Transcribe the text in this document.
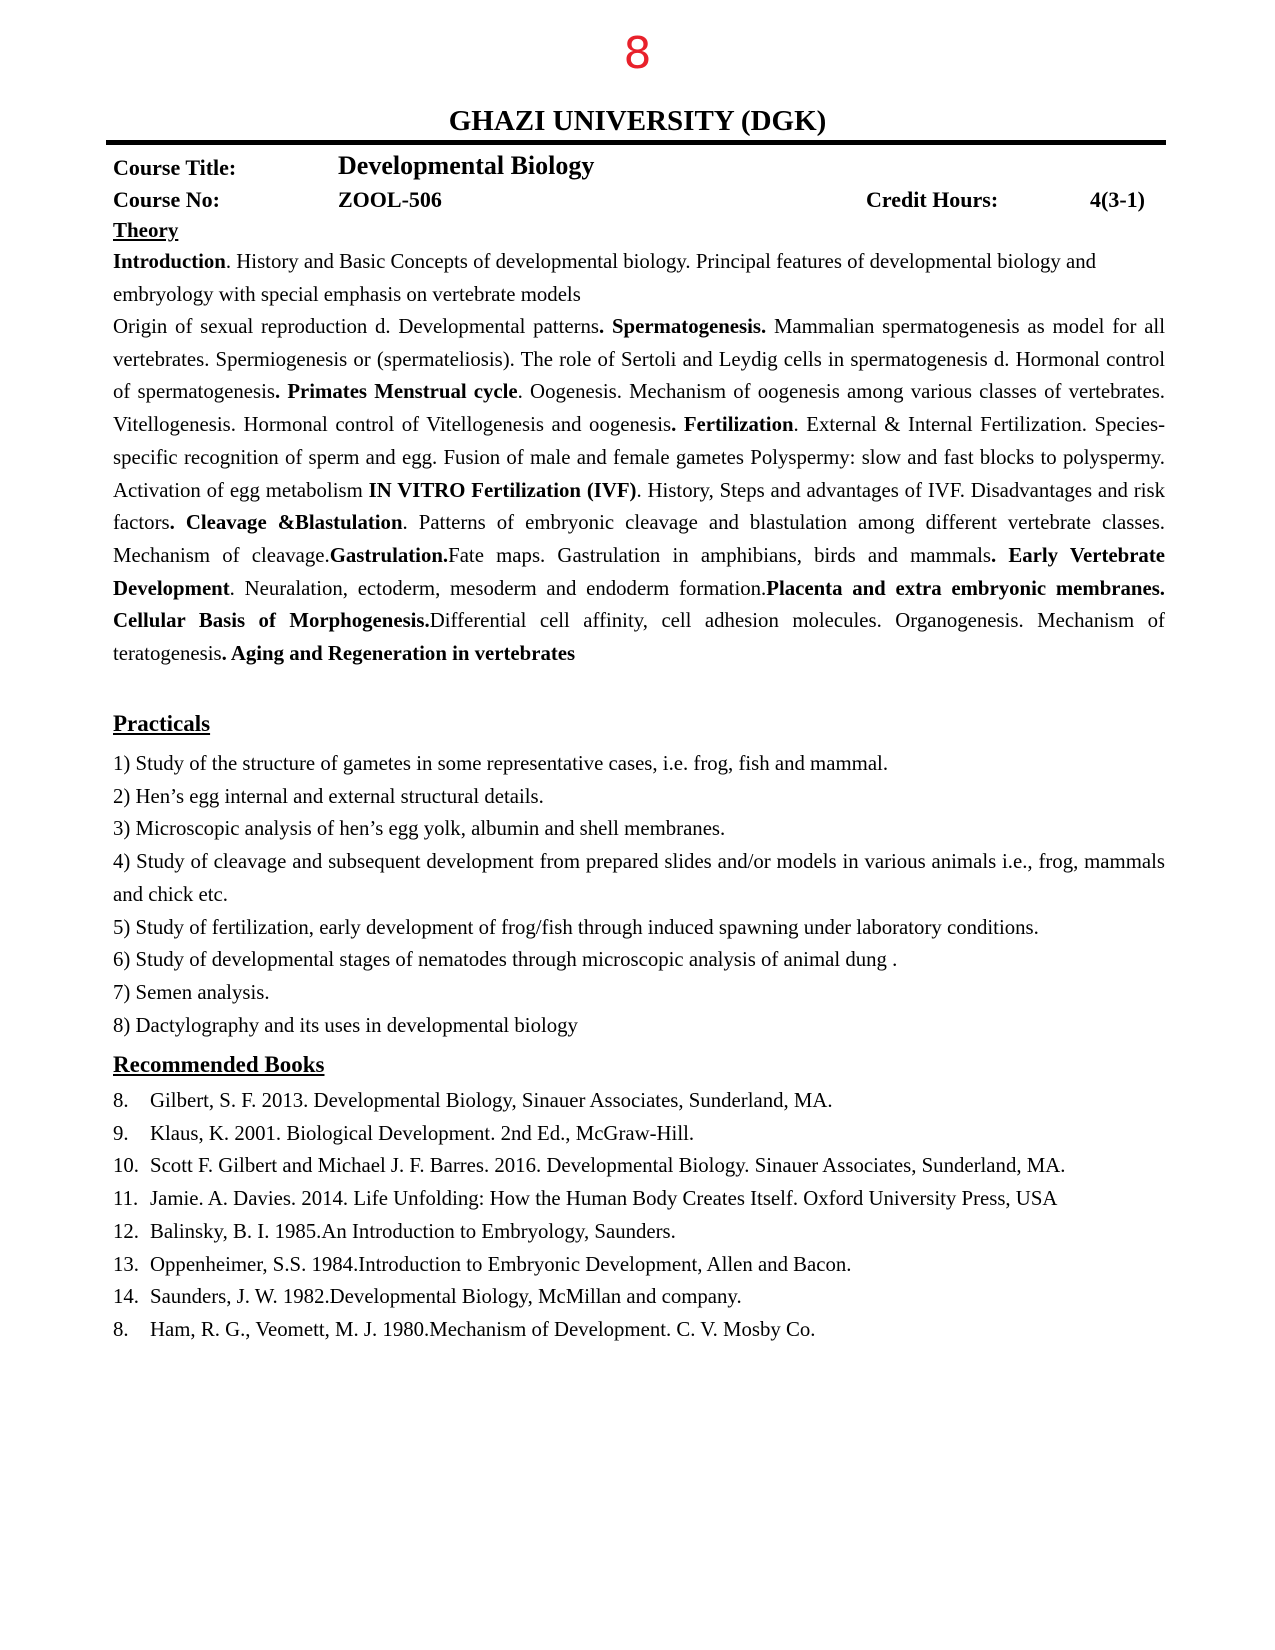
8
GHAZI UNIVERSITY (DGK)
Course Title:	Developmental Biology
Course No:	ZOOL-506	Credit Hours:	4(3-1)
Theory
Introduction. History and Basic Concepts of developmental biology. Principal features of developmental biology and embryology with special emphasis on vertebrate models
Origin of sexual reproduction d. Developmental patterns. Spermatogenesis. Mammalian spermatogenesis as model for all vertebrates. Spermiogenesis or (spermateliosis). The role of Sertoli and Leydig cells in spermatogenesis d. Hormonal control of spermatogenesis. Primates Menstrual cycle. Oogenesis. Mechanism of oogenesis among various classes of vertebrates. Vitellogenesis. Hormonal control of Vitellogenesis and oogenesis. Fertilization. External & Internal Fertilization. Species-specific recognition of sperm and egg. Fusion of male and female gametes Polyspermy: slow and fast blocks to polyspermy. Activation of egg metabolism IN VITRO Fertilization (IVF). History, Steps and advantages of IVF. Disadvantages and risk factors. Cleavage &Blastulation. Patterns of embryonic cleavage and blastulation among different vertebrate classes. Mechanism of cleavage.Gastrulation.Fate maps. Gastrulation in amphibians, birds and mammals. Early Vertebrate Development. Neuralation, ectoderm, mesoderm and endoderm formation.Placenta and extra embryonic membranes. Cellular Basis of Morphogenesis.Differential cell affinity, cell adhesion molecules. Organogenesis. Mechanism of teratogenesis. Aging and Regeneration in vertebrates
Practicals
1) Study of the structure of gametes in some representative cases, i.e. frog, fish and mammal.
2) Hen’s egg internal and external structural details.
3) Microscopic analysis of hen’s egg yolk, albumin and shell membranes.
4) Study of cleavage and subsequent development from prepared slides and/or models in various animals i.e., frog, mammals and chick etc.
5) Study of fertilization, early development of frog/fish through induced spawning under laboratory conditions.
6) Study of developmental stages of nematodes through microscopic analysis of animal dung .
7) Semen analysis.
8) Dactylography and its uses in developmental biology
Recommended Books
8.	Gilbert, S. F. 2013. Developmental Biology, Sinauer Associates, Sunderland, MA.
9.	Klaus, K. 2001. Biological Development. 2nd Ed., McGraw-Hill.
10. Scott F. Gilbert and Michael J. F. Barres. 2016. Developmental Biology. Sinauer Associates, Sunderland, MA.
11. Jamie. A. Davies. 2014. Life Unfolding: How the Human Body Creates Itself. Oxford University Press, USA
12. Balinsky, B. I. 1985.An Introduction to Embryology, Saunders.
13. Oppenheimer, S.S. 1984.Introduction to Embryonic Development, Allen and Bacon.
14. Saunders, J. W. 1982.Developmental Biology, McMillan and company.
8.	Ham, R. G., Veomett, M. J. 1980.Mechanism of Development. C. V. Mosby Co.
